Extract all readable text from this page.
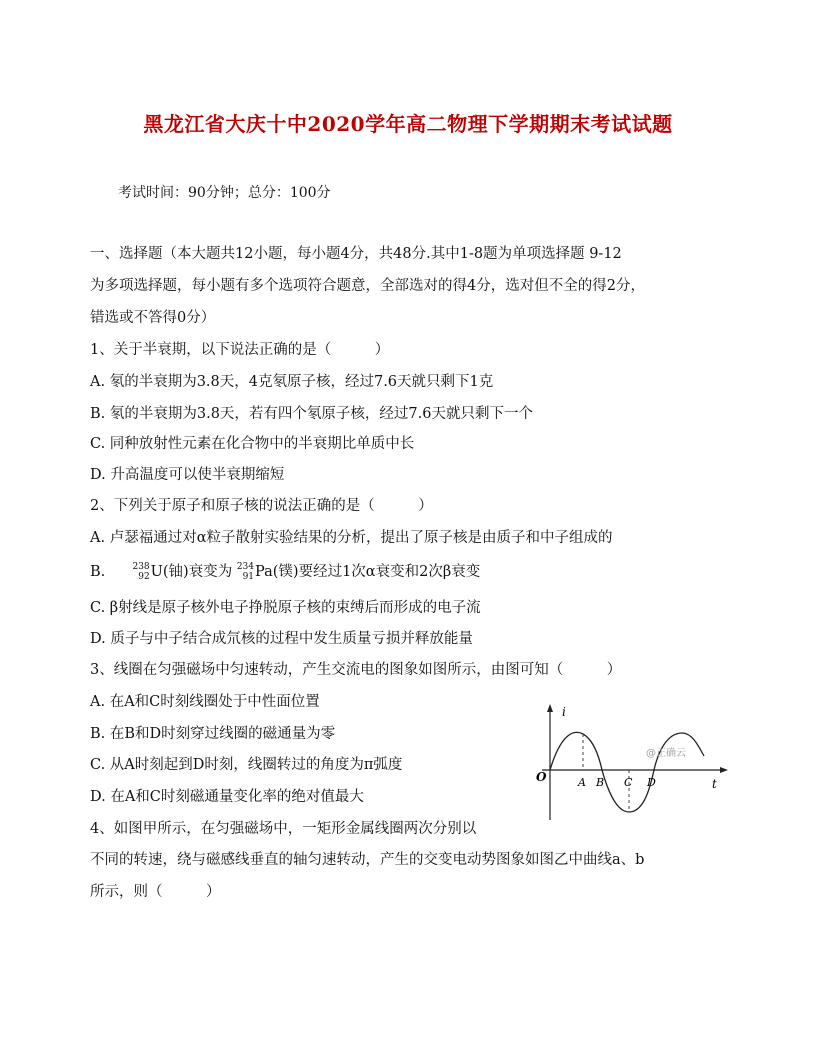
黑龙江省大庆十中2020学年高二物理下学期期末考试试题
考试时间：90分钟；总分：100分
一、选择题（本大题共12小题，每小题4分，共48分.其中1-8题为单项选择题 9-12
为多项选择题，每小题有多个选项符合题意，全部选对的得4分，选对但不全的得2分，
错选或不答得0分）
1、关于半衰期，以下说法正确的是（　　　）
A. 氡的半衰期为3.8天，4克氡原子核，经过7.6天就只剩下1克
B. 氡的半衰期为3.8天，若有四个氡原子核，经过7.6天就只剩下一个
C. 同种放射性元素在化合物中的半衰期比单质中长
D. 升高温度可以使半衰期缩短
2、下列关于原子和原子核的说法正确的是（　　　）
A. 卢瑟福通过对α粒子散射实验结果的分析，提出了原子核是由质子和中子组成的
B.	238
92 U(铀)衰变为 234
91 Pa(镤)要经过1次α衰变和2次β衰变
C. β射线是原子核外电子挣脱原子核的束缚后而形成的电子流
D. 质子与中子结合成氘核的过程中发生质量亏损并释放能量
3、线圈在匀强磁场中匀速转动，产生交流电的图象如图所示，由图可知（　　　）
A. 在A和C时刻线圈处于中性面位置
B. 在B和D时刻穿过线圈的磁通量为零
C. 从A时刻起到D时刻，线圈转过的角度为π弧度
D. 在A和C时刻磁通量变化率的绝对值最大
i
t
O	A B C D
@正确云
4、如图甲所示，在匀强磁场中，一矩形金属线圈两次分别以
不同的转速，绕与磁感线垂直的轴匀速转动，产生的交变电动势图象如图乙中曲线a、b
所示，则（　　　）
